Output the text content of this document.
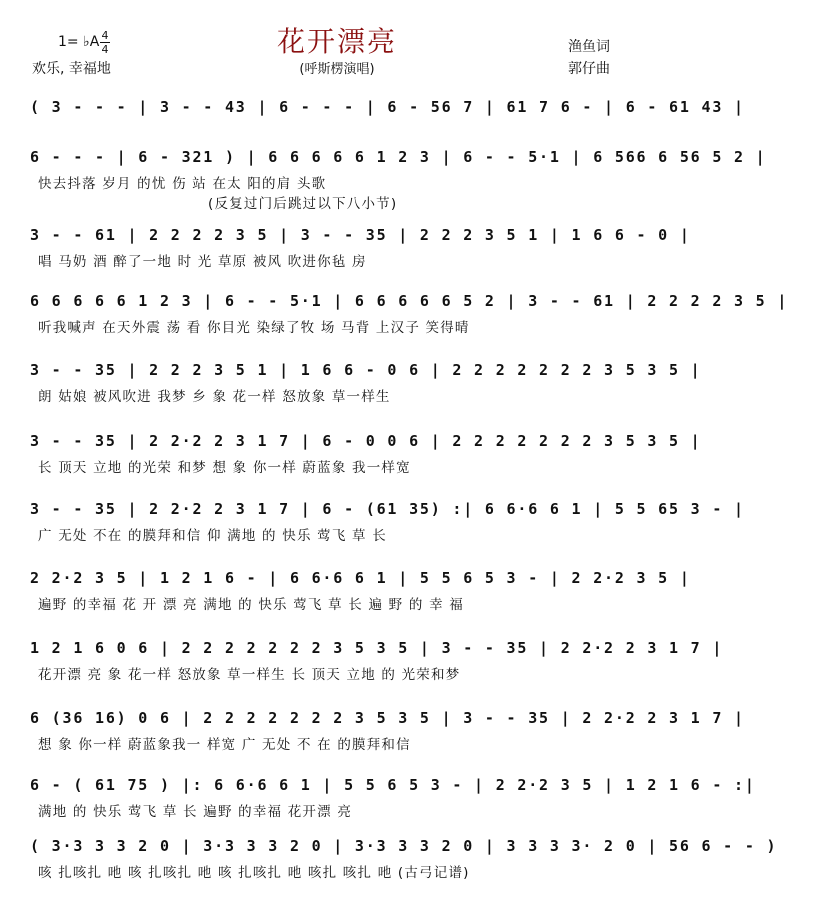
花开漂亮
(呼斯楞演唱)
1= ♭A 4
4
欢乐, 幸福地
渔鱼词
郭仔曲
( 3 - - - | 3 - - 43 | 6 - - - | 6 - 56 7 | 61 7 6 - | 6 - 61 43 |
6 - - - | 6 - 321 ) | 6 6 6 6 6 1 2 3 | 6 - - 5·1 | 6 566 6 56 5 2 |
快去抖落 岁月 的忧 伤 站 在太 阳的肩 头歌
(反复过门后跳过以下八小节)
3 - - 61 | 2 2 2 2 3 5 | 3 - - 35 | 2 2 2 3 5 1 | 1 6 6 - 0 |
唱 马奶 酒 醉了一地 时 光 草原 被风 吹进你毡 房
6 6 6 6 6 1 2 3 | 6 - - 5·1 | 6 6 6 6 6 5 2 | 3 - - 61 | 2 2 2 2 3 5 |
听我喊声 在天外震 荡 看 你目光 染绿了牧 场 马背 上汉子 笑得晴
3 - - 35 | 2 2 2 3 5 1 | 1 6 6 - 0 6 | 2 2 2 2 2 2 2 3 5 3 5 |
朗 姑娘 被风吹进 我梦 乡 象 花一样 怒放象 草一样生
3 - - 35 | 2 2·2 2 3 1 7 | 6 - 0 0 6 | 2 2 2 2 2 2 2 3 5 3 5 |
长 顶天 立地 的光荣 和梦 想 象 你一样 蔚蓝象 我一样宽
3 - - 35 | 2 2·2 2 3 1 7 | 6 - (61 35) :| 6 6·6 6 1 | 5 5 65 3 - |
广 无处 不在 的膜拜和信 仰 满地 的 快乐 莺飞 草 长
2 2·2 3 5 | 1 2 1 6 - | 6 6·6 6 1 | 5 5 6 5 3 - | 2 2·2 3 5 |
遍野 的幸福 花 开 漂 亮 满地 的 快乐 莺飞 草 长 遍 野 的 幸 福
1 2 1 6 0 6 | 2 2 2 2 2 2 2 3 5 3 5 | 3 - - 35 | 2 2·2 2 3 1 7 |
花开漂 亮 象 花一样 怒放象 草一样生 长 顶天 立地 的 光荣和梦
6 (36 16) 0 6 | 2 2 2 2 2 2 2 3 5 3 5 | 3 - - 35 | 2 2·2 2 3 1 7 |
想 象 你一样 蔚蓝象我一 样宽 广 无处 不 在 的膜拜和信
6 - ( 61 75 ) |: 6 6·6 6 1 | 5 5 6 5 3 - | 2 2·2 3 5 | 1 2 1 6 - :|
满地 的 快乐 莺飞 草 长 遍野 的幸福 花开漂 亮
( 3·3 3 3 2 0 | 3·3 3 3 2 0 | 3·3 3 3 2 0 | 3 3 3 3· 2 0 | 56 6 - - )
咳 扎咳扎 吔 咳 扎咳扎 吔 咳 扎咳扎 吔 咳扎 咳扎 吔 (古弓记谱)
